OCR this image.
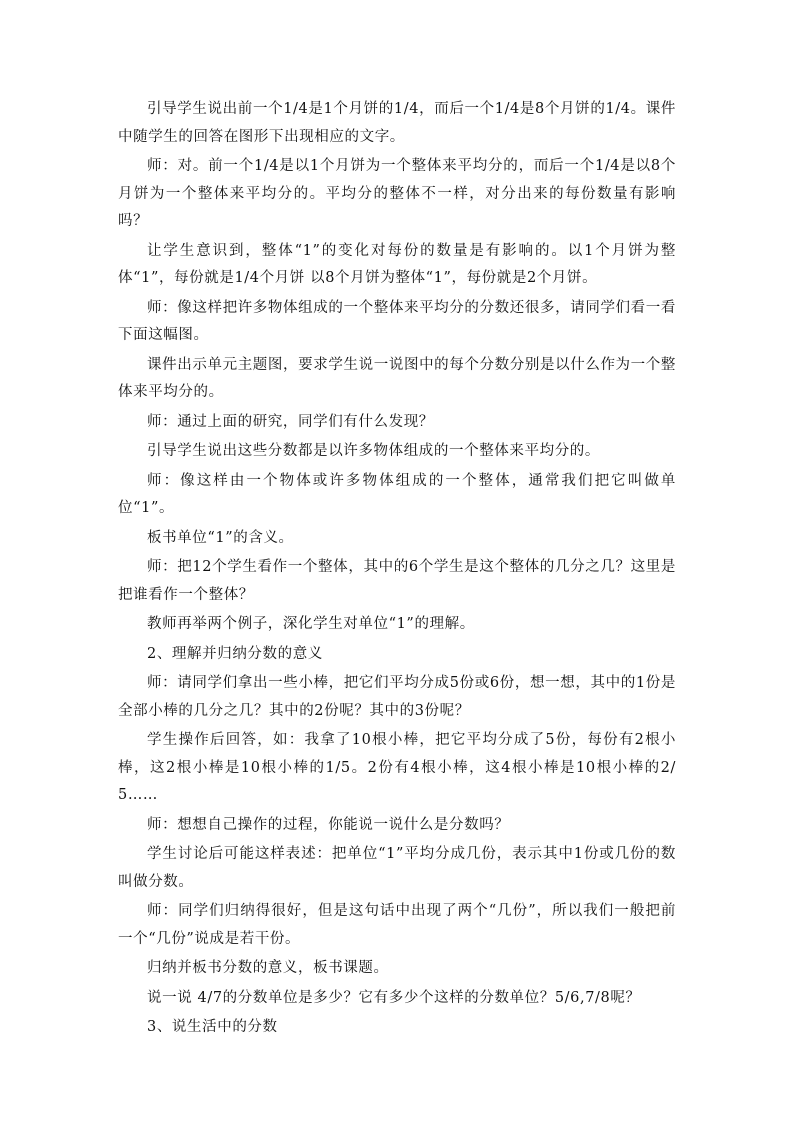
引导学生说出前一个1/4是1个月饼的1/4，而后一个1/4是8个月饼的1/4。课件中随学生的回答在图形下出现相应的文字。

师：对。前一个1/4是以1个月饼为一个整体来平均分的，而后一个1/4是以8个月饼为一个整体来平均分的。平均分的整体不一样，对分出来的每份数量有影响吗？

让学生意识到，整体“1”的变化对每份的数量是有影响的。以1个月饼为整体“1”，每份就是1/4个月饼 以8个月饼为整体“1”，每份就是2个月饼。

师：像这样把许多物体组成的一个整体来平均分的分数还很多，请同学们看一看下面这幅图。

课件出示单元主题图，要求学生说一说图中的每个分数分别是以什么作为一个整体来平均分的。

师：通过上面的研究，同学们有什么发现？

引导学生说出这些分数都是以许多物体组成的一个整体来平均分的。

师：像这样由一个物体或许多物体组成的一个整体，通常我们把它叫做单位“1”。

板书单位“1”的含义。

师：把12个学生看作一个整体，其中的6个学生是这个整体的几分之几？这里是把谁看作一个整体？

教师再举两个例子，深化学生对单位“1”的理解。

2、理解并归纳分数的意义

师：请同学们拿出一些小棒，把它们平均分成5份或6份，想一想，其中的1份是全部小棒的几分之几？其中的2份呢？其中的3份呢？

学生操作后回答，如：我拿了10根小棒，把它平均分成了5份，每份有2根小棒，这2根小棒是10根小棒的1/5。2份有4根小棒，这4根小棒是10根小棒的2/5……

师：想想自己操作的过程，你能说一说什么是分数吗？

学生讨论后可能这样表述：把单位“1”平均分成几份，表示其中1份或几份的数叫做分数。

师：同学们归纳得很好，但是这句话中出现了两个“几份”，所以我们一般把前一个“几份”说成是若干份。

归纳并板书分数的意义，板书课题。

说一说 4/7的分数单位是多少？它有多少个这样的分数单位？5/6,7/8呢？

3、说生活中的分数
